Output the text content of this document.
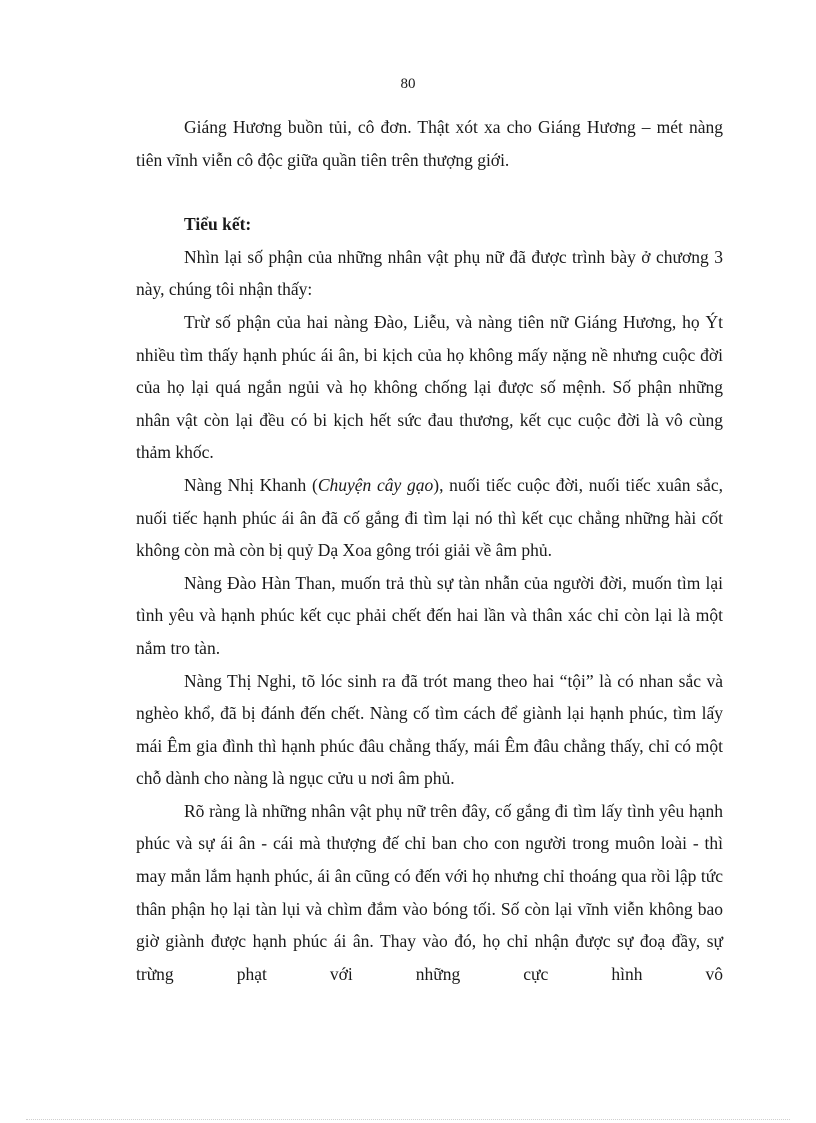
80

Giáng Hương buồn tủi, cô đơn. Thật xót xa cho Giáng Hương – mét nàng tiên vĩnh viễn cô độc giữa quần tiên trên thượng giới.

Tiểu kết:

Nhìn lại số phận của những nhân vật phụ nữ đã được trình bày ở chương 3 này, chúng tôi nhận thấy:

Trừ số phận của hai nàng Đào, Liễu, và nàng tiên nữ Giáng Hương, họ Ýt nhiều tìm thấy hạnh phúc ái ân, bi kịch của họ không mấy nặng nề nhưng cuộc đời của họ lại quá ngắn ngủi và họ không chống lại được số mệnh. Số phận những nhân vật còn lại đều có bi kịch hết sức đau thương, kết cục cuộc đời là vô cùng thảm khốc.

Nàng Nhị Khanh (Chuyện cây gạo), nuối tiếc cuộc đời, nuối tiếc xuân sắc, nuối tiếc hạnh phúc ái ân đã cố gắng đi tìm lại nó thì kết cục chẳng những hài cốt không còn mà còn bị quỷ Dạ Xoa gông trói giải về âm phủ.

Nàng Đào Hàn Than, muốn trả thù sự tàn nhẫn của người đời, muốn tìm lại tình yêu và hạnh phúc kết cục phải chết đến hai lần và thân xác chỉ còn lại là một nắm tro tàn.

Nàng Thị Nghi, tõ lóc sinh ra đã trót mang theo hai “tội” là có nhan sắc và nghèo khổ, đã bị đánh đến chết. Nàng cố tìm cách để giành lại hạnh phúc, tìm lấy mái Êm gia đình thì hạnh phúc đâu chẳng thấy, mái Êm đâu chẳng thấy, chỉ có một chỗ dành cho nàng là ngục cửu u nơi âm phủ.

Rõ ràng là những nhân vật phụ nữ trên đây, cố gắng đi tìm lấy tình yêu hạnh phúc và sự ái ân - cái mà thượng đế chỉ ban cho con người trong muôn loài - thì may mắn lắm hạnh phúc, ái ân cũng có đến với họ nhưng chỉ thoáng qua rồi lập tức thân phận họ lại tàn lụi và chìm đắm vào bóng tối. Số còn lại vĩnh viễn không bao giờ giành được hạnh phúc ái ân. Thay vào đó, họ chỉ nhận được sự đoạ đầy, sự trừng phạt với những cực hình vô
